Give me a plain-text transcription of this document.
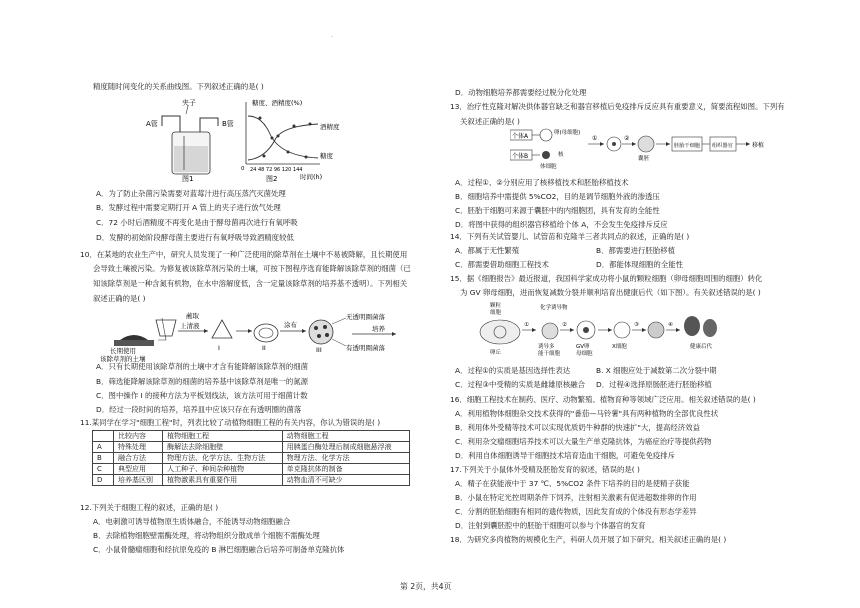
·
精度随时间变化的关系曲线图。下列叙述正确的是( )
夹子
A管	B管
图1
糖度、酒精度(%)
酒精度
糖度
0 24 48 72 96 120 144
时间(h)
图2
A．为了防止杂菌污染需要对蓝莓汁进行高压蒸汽灭菌处理
B．发酵过程中需要定期打开 A 管上的夹子进行放气处理
C．72 小时后酒精度不再变化是由于酵母菌再次进行有氧呼吸
D．发酵的初始阶段酵母菌主要进行有氧呼吸导致酒精度较低
10．在某地的农业生产中，研究人员发现了一种广泛使用的除草剂在土壤中不易被降解，且长期使用
会导致土壤被污染。为修复被该除草剂污染的土壤，可按下图程序选育能降解该除草剂的细菌（已
知该除草剂是一种含氮有机物，在水中溶解度低，含一定量该除草剂的培养基不透明）。下列相关
叙述正确的是( )
长期使用
该除草剂的土壤
蘸取
上清液
I	II
涂布
III
无透明圈菌落
有透明圈菌落
培养
A．只有长期使用该除草剂的土壤中才含有能降解该除草剂的细菌
B．筛选能降解该除草剂的细菌的培养基中该除草剂是唯一的氮源
C．图中操作 I 的接种方法为平板划线法，该方法可用于细菌计数
D．经过一段时间的培养，培养皿中应该只存在有透明圈的菌落
11.某同学在学习"细胞工程"时，列表比较了动植物细胞工程的有关内容，你认为错误的是( )
	比较内容	植物细胞工程	动物细胞工程
A	特殊处理	酶解法去除细胞壁	用胰蛋白酶处理后制成细胞悬浮液
B	融合方法	物理方法、化学方法、生物方法	物理方法、化学方法
C	典型应用	人工种子、种间杂种植物	单克隆抗体的制备
D	培养基区别	植物激素具有重要作用	动物血清不可缺少
12.下列关于细胞工程的叙述，正确的是( )
A．电刺激可诱导植物原生质体融合，不能诱导动物细胞融合
B．去除植物细胞壁需酶处理，将动物组织分散成单个细胞不需酶处理
C．小鼠骨髓瘤细胞和经抗原免疫的 B 淋巴细胞融合后培养可制备单克隆抗体
D．动物细胞培养都需要经过脱分化处理
13．治疗性克隆对解决供体器官缺乏和器官移植后免疫排斥反应具有重要意义，简要流程如图。下列有
关叙述正确的是( )
个体A
个体B
卵(母细胞)
体细胞
核
①	②
囊胚
胚胎干细胞 组织器官	移植
A．过程①、②分别应用了核移植技术和胚胎移植技术
B．细胞培养中需提供 5%CO2，目的是调节细胞外液的渗透压
C．胚胎干细胞可来源于囊胚中的内细胞团，具有发育的全能性
D．将图中获得的组织器官移植给个体 A，不会发生免疫排斥反应
14．下列有关试管婴儿、试管苗和克隆羊三者共同点的叙述，正确的是( )
A．都属于无性繁殖	B．都需要进行胚胎移植
C．都需要借助细胞工程技术	D．都能体现细胞的全能性
15．据《细胞报告》最近报道，我国科学家成功将小鼠的颗粒细胞（卵母细胞周围的细胞）转化
为 GV 卵母细胞，进而恢复减数分裂并顺利培育出健康后代（如下图）。有关叙述错误的是( )
颗粒
细胞
卵丘
①
化学诱导物
诱导多
能干细胞
②
GV卵
母细胞
X细胞
③	④
健康后代
A．过程①的实质是基因选择性表达	B. X 细胞应处于减数第二次分裂中期
C．过程③中受精的实质是雌雄原核融合 D．过程④选择原肠胚进行胚胎移植
16．细胞工程技术在制药、医疗、动物繁殖、植物育种等领域广泛应用。相关叙述错误的是( )
A．利用植物体细胞杂交技术获得的"番茄—马铃薯"具有两种植物的全部优良性状
B．利用体外受精等技术可以实现优质奶牛种群的快速扩"大，提高经济效益
C．利用杂交瘤细胞培养技术可以大量生产单克隆抗体，为癌症治疗等提供药物
D．利用自体细胞诱导干细胞技术培育造血干细胞，可避免免疫排斥
17.下列关于小鼠体外受精及胚胎发育的叙述，错误的是( )
A．精子在获能液中于 37 ℃、5%CO2 条件下培养的目的是使精子获能
B．小鼠在特定光控周期条件下饲养，注射相关激素有促进超数排卵的作用
C．分割的胚胎细胞有相同的遗传物质，因此发育成的个体没有形态学差异
D．注射到囊胚腔中的胚胎干细胞可以参与个体器官的发育
18．为研究多肉植物的规模化生产，科研人员开展了如下研究。相关叙述正确的是( )
第 2页，共4页
